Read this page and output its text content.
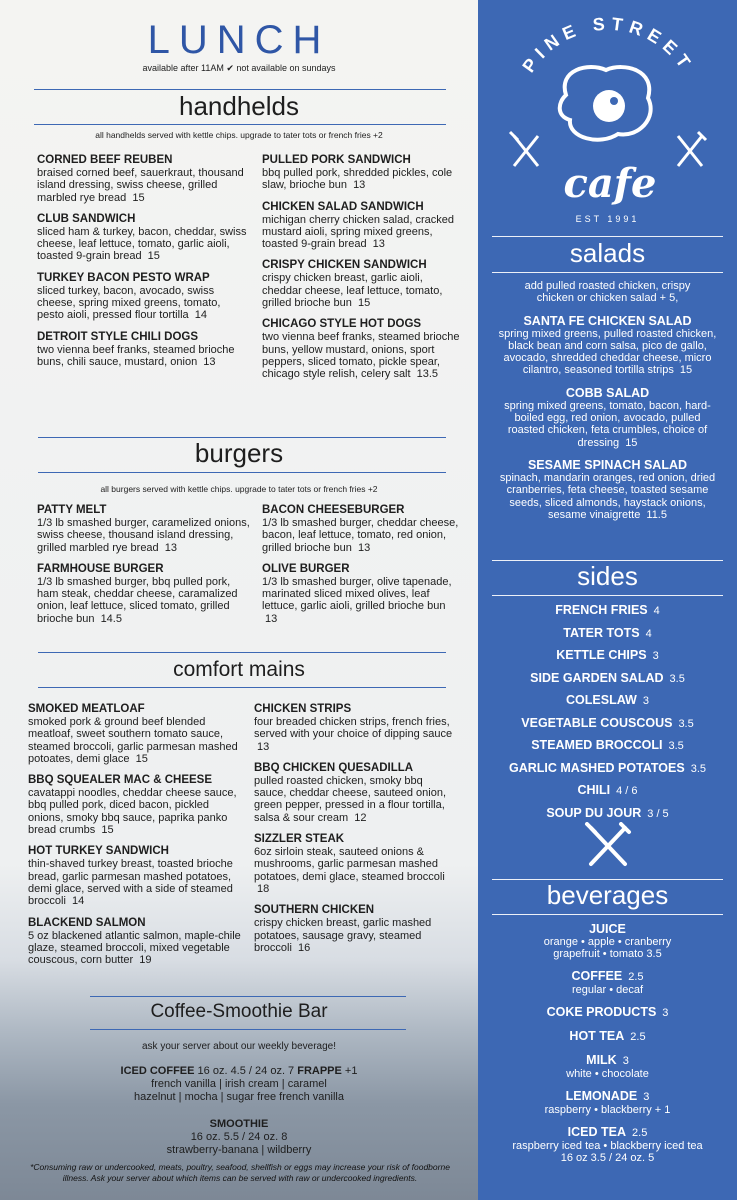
LUNCH
available after 11AM ✔ not available on sundays
handhelds
all handhelds served with kettle chips. upgrade to tater tots or french fries +2
CORNED BEEF REUBEN
braised corned beef, sauerkraut, thousand island dressing, swiss cheese, grilled marbled rye bread 15
CLUB SANDWICH
sliced ham & turkey, bacon, cheddar, swiss cheese, leaf lettuce, tomato, garlic aioli, toasted 9-grain bread 15
TURKEY BACON PESTO WRAP
sliced turkey, bacon, avocado, swiss cheese, spring mixed greens, tomato, pesto aioli, pressed flour tortilla 14
DETROIT STYLE CHILI DOGS
two vienna beef franks, steamed brioche buns, chili sauce, mustard, onion 13
PULLED PORK SANDWICH
bbq pulled pork, shredded pickles, cole slaw, brioche bun 13
CHICKEN SALAD SANDWICH
michigan cherry chicken salad, cracked mustard aioli, spring mixed greens, toasted 9-grain bread 13
CRISPY CHICKEN SANDWICH
crispy chicken breast, garlic aioli, cheddar cheese, leaf lettuce, tomato, grilled brioche bun 15
CHICAGO STYLE HOT DOGS
two vienna beef franks, steamed brioche buns, yellow mustard, onions, sport peppers, sliced tomato, pickle spear, chicago style relish, celery salt 13.5
burgers
all burgers served with kettle chips. upgrade to tater tots or french fries +2
PATTY MELT
1/3 lb smashed burger, caramelized onions, swiss cheese, thousand island dressing, grilled marbled rye bread 13
FARMHOUSE BURGER
1/3 lb smashed burger, bbq pulled pork, ham steak, cheddar cheese, caramalized onion, leaf lettuce, sliced tomato, grilled brioche bun 14.5
BACON CHEESEBURGER
1/3 lb smashed burger, cheddar cheese, bacon, leaf lettuce, tomato, red onion, grilled brioche bun 13
OLIVE BURGER
1/3 lb smashed burger, olive tapenade, marinated sliced mixed olives, leaf lettuce, garlic aioli, grilled brioche bun 13
comfort mains
SMOKED MEATLOAF
smoked pork & ground beef blended meatloaf, sweet southern tomato sauce, steamed broccoli, garlic parmesan mashed potoates, demi glace 15
BBQ SQUEALER MAC & CHEESE
cavatappi noodles, cheddar cheese sauce, bbq pulled pork, diced bacon, pickled onions, smoky bbq sauce, paprika panko bread crumbs 15
HOT TURKEY SANDWICH
thin-shaved turkey breast, toasted brioche bread, garlic parmesan mashed potatoes, demi glace, served with a side of steamed broccoli 14
BLACKEND SALMON
5 oz blackened atlantic salmon, maple-chile glaze, steamed broccoli, mixed vegetable couscous, corn butter 19
CHICKEN STRIPS
four breaded chicken strips, french fries, served with your choice of dipping sauce 13
BBQ CHICKEN QUESADILLA
pulled roasted chicken, smoky bbq sauce, cheddar cheese, sauteed onion, green pepper, pressed in a flour tortilla, salsa & sour cream 12
SIZZLER STEAK
6oz sirloin steak, sauteed onions & mushrooms, garlic parmesan mashed potatoes, demi glace, steamed broccoli 18
SOUTHERN CHICKEN
crispy chicken breast, garlic mashed potatoes, sausage gravy, steamed broccoli 16
Coffee-Smoothie Bar
ask your server about our weekly beverage!
ICED COFFEE 16 oz. 4.5 / 24 oz. 7 FRAPPE +1
french vanilla | irish cream | caramel
hazelnut | mocha | sugar free french vanilla
SMOOTHIE
16 oz. 5.5 / 24 oz. 8
strawberry-banana | wildberry
*Consuming raw or undercooked, meats, poultry, seafood, shellfish or eggs may increase your risk of foodborne illness. Ask your server about which items can be served with raw or undercooked ingredients.
PINE STREET
cafe
EST 1991
salads
add pulled roasted chicken, crispy chicken or chicken salad + 5,
SANTA FE CHICKEN SALAD
spring mixed greens, pulled roasted chicken, black bean and corn salsa, pico de gallo, avocado, shredded cheddar cheese, micro cilantro, seasoned tortilla strips 15
COBB SALAD
spring mixed greens, tomato, bacon, hard-boiled egg, red onion, avocado, pulled roasted chicken, feta crumbles, choice of dressing 15
SESAME SPINACH SALAD
spinach, mandarin oranges, red onion, dried cranberries, feta cheese, toasted sesame seeds, sliced almonds, haystack onions, sesame vinaigrette 11.5
sides
FRENCH FRIES 4
TATER TOTS 4
KETTLE CHIPS 3
SIDE GARDEN SALAD 3.5
COLESLAW 3
VEGETABLE COUSCOUS 3.5
STEAMED BROCCOLI 3.5
GARLIC MASHED POTATOES 3.5
CHILI 4 / 6
SOUP DU JOUR 3 / 5
beverages
JUICE
orange • apple • cranberry
grapefruit • tomato 3.5
COFFEE 2.5
regular • decaf
COKE PRODUCTS 3
HOT TEA 2.5
MILK 3
white • chocolate
LEMONADE 3
raspberry • blackberry + 1
ICED TEA 2.5
raspberry iced tea • blackberry iced tea
16 oz 3.5 / 24 oz. 5
